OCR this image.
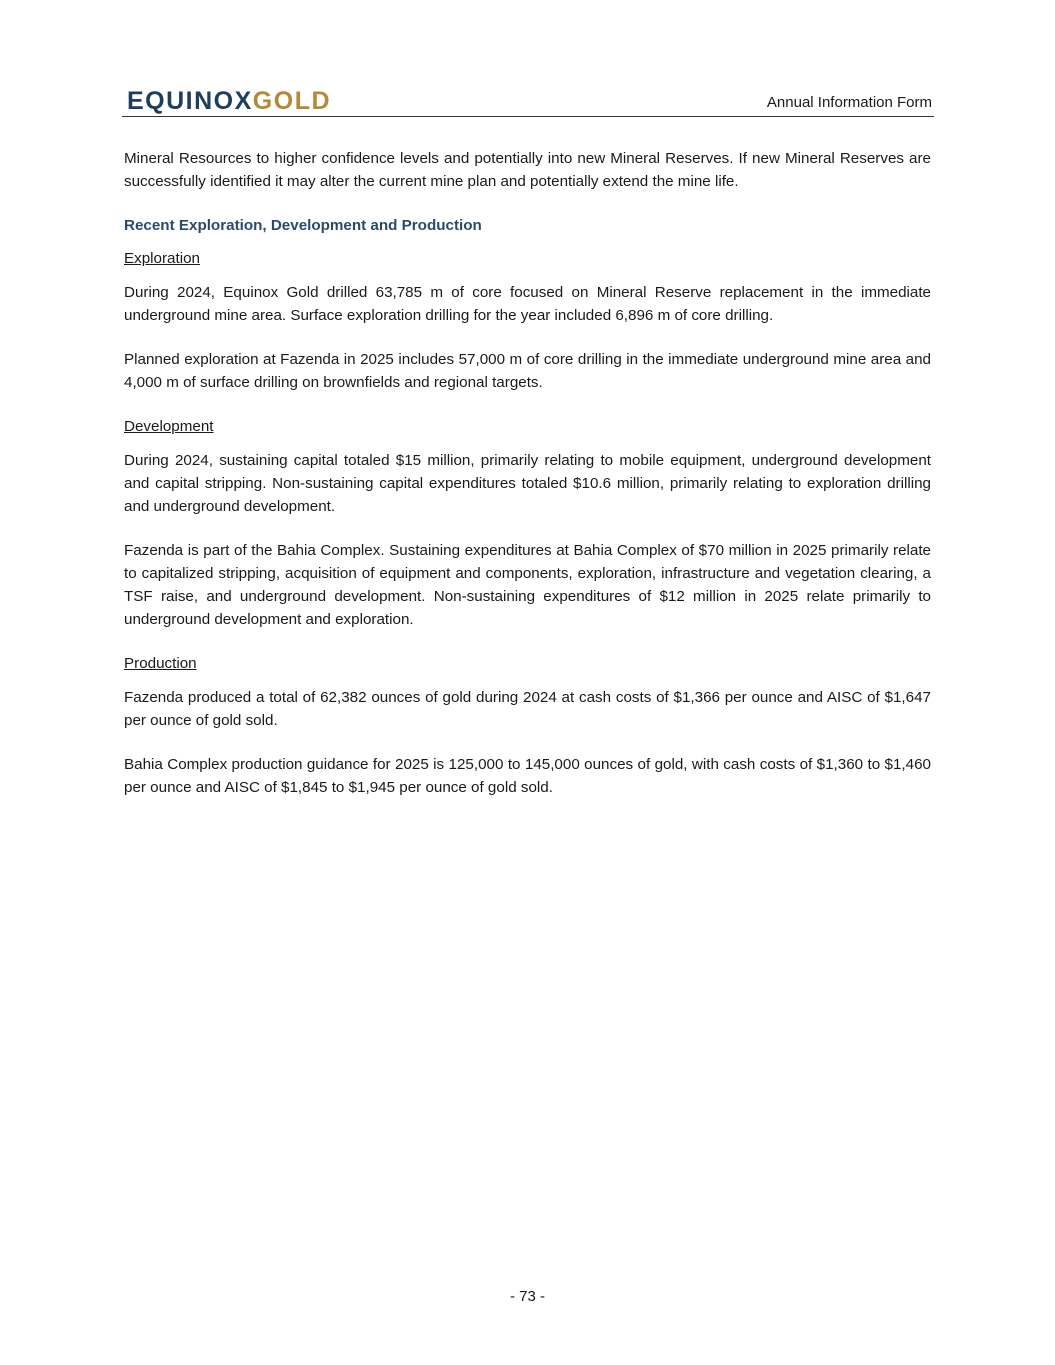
EQUINOXGOLD	Annual Information Form

Mineral Resources to higher confidence levels and potentially into new Mineral Reserves. If new Mineral Reserves are successfully identified it may alter the current mine plan and potentially extend the mine life.

Recent Exploration, Development and Production

Exploration

During 2024, Equinox Gold drilled 63,785 m of core focused on Mineral Reserve replacement in the immediate underground mine area. Surface exploration drilling for the year included 6,896 m of core drilling.

Planned exploration at Fazenda in 2025 includes 57,000 m of core drilling in the immediate underground mine area and 4,000 m of surface drilling on brownfields and regional targets.

Development

During 2024, sustaining capital totaled $15 million, primarily relating to mobile equipment, underground development and capital stripping. Non-sustaining capital expenditures totaled $10.6 million, primarily relating to exploration drilling and underground development.

Fazenda is part of the Bahia Complex. Sustaining expenditures at Bahia Complex of $70 million in 2025 primarily relate to capitalized stripping, acquisition of equipment and components, exploration, infrastructure and vegetation clearing, a TSF raise, and underground development. Non-sustaining expenditures of $12 million in 2025 relate primarily to underground development and exploration.

Production

Fazenda produced a total of 62,382 ounces of gold during 2024 at cash costs of $1,366 per ounce and AISC of $1,647 per ounce of gold sold.

Bahia Complex production guidance for 2025 is 125,000 to 145,000 ounces of gold, with cash costs of $1,360 to $1,460 per ounce and AISC of $1,845 to $1,945 per ounce of gold sold.

- 73 -
